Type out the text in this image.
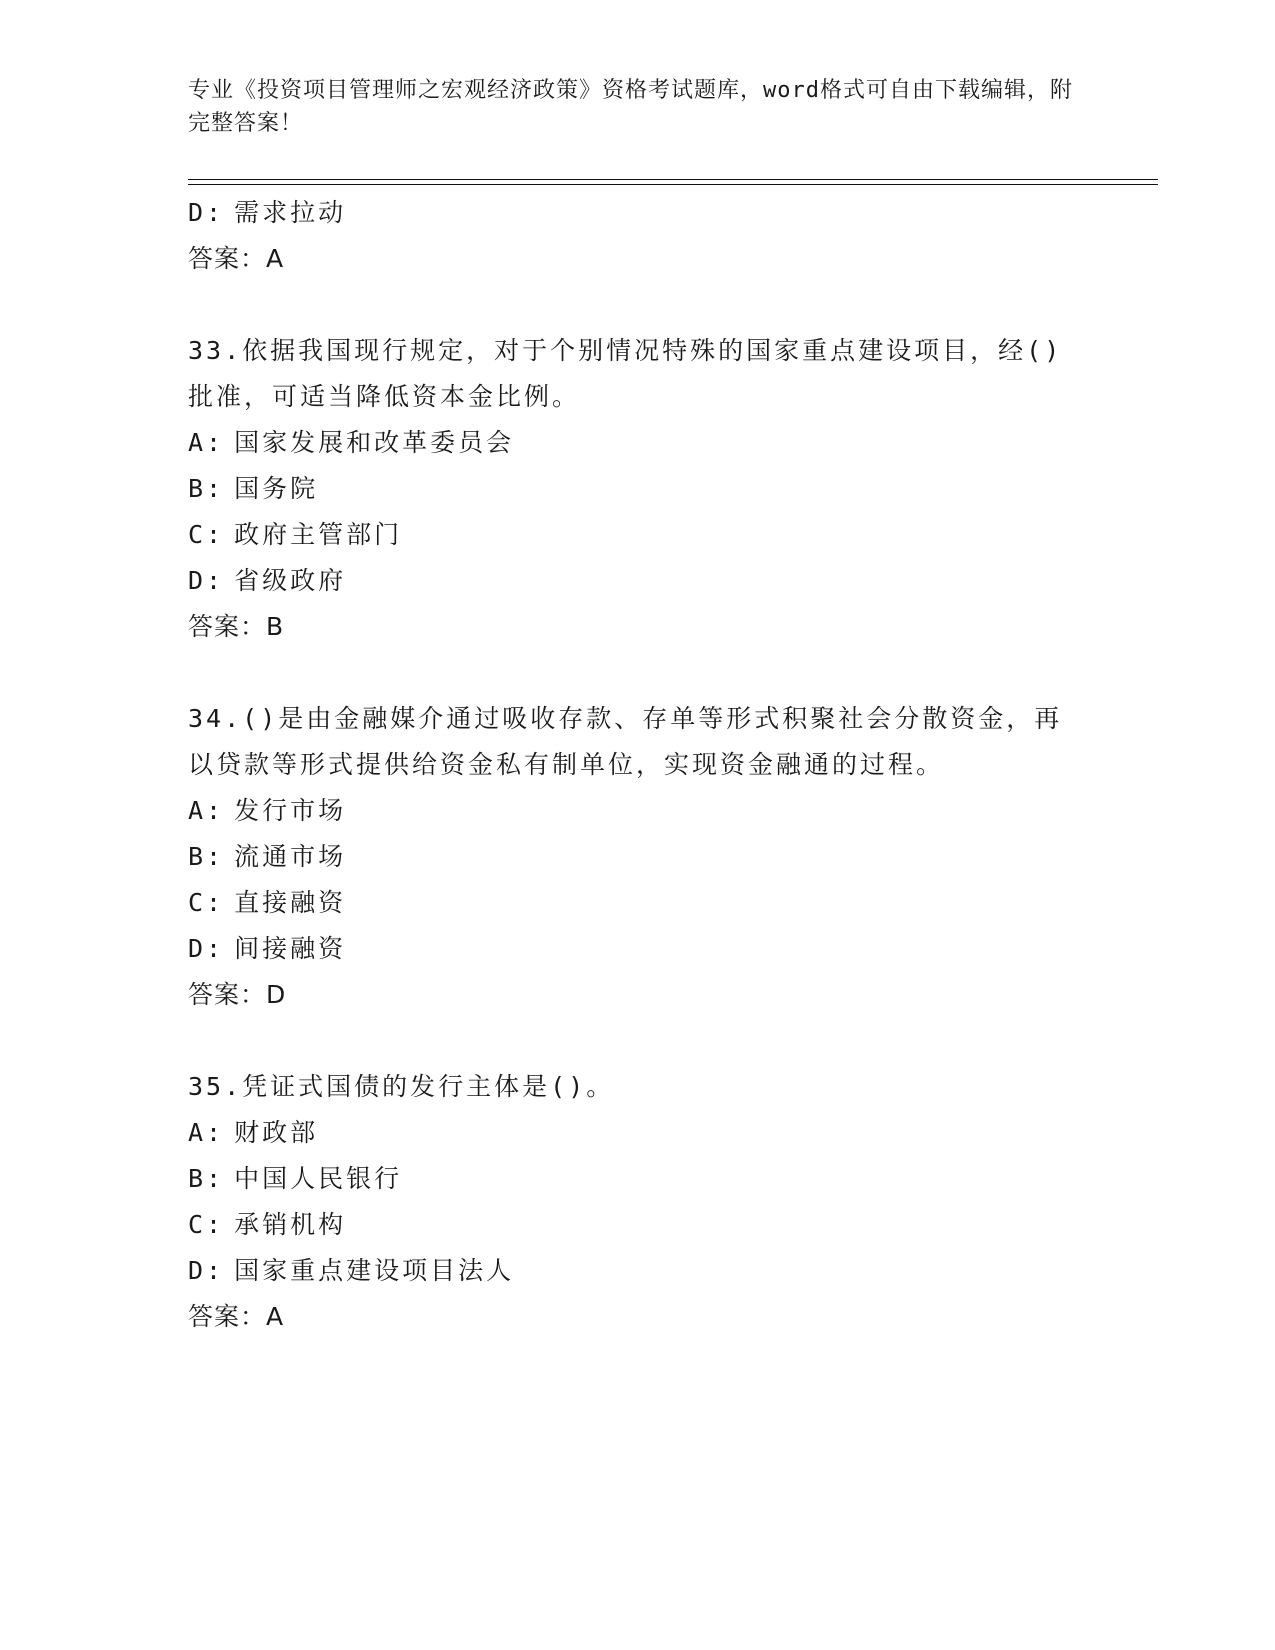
专业《投资项目管理师之宏观经济政策》资格考试题库，word格式可自由下载编辑，附完整答案！
D: 需求拉动
答案：A
33.依据我国现行规定，对于个别情况特殊的国家重点建设项目，经()
批准，可适当降低资本金比例。
A: 国家发展和改革委员会
B: 国务院
C: 政府主管部门
D: 省级政府
答案：B
34.()是由金融媒介通过吸收存款、存单等形式积聚社会分散资金，再
以贷款等形式提供给资金私有制单位，实现资金融通的过程。
A: 发行市场
B: 流通市场
C: 直接融资
D: 间接融资
答案：D
35.凭证式国债的发行主体是()。
A: 财政部
B: 中国人民银行
C: 承销机构
D: 国家重点建设项目法人
答案：A
